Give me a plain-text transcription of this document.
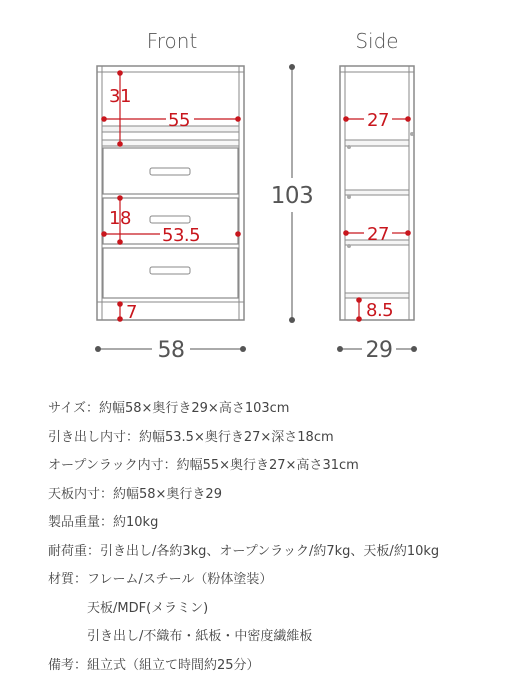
Front
31
55
18
53.5
7
103
58
Side
27
27
8.5
29
サイズ：約幅58×奥行き29×高さ103cm
引き出し内寸：約幅53.5×奥行き27×深さ18cm
オープンラック内寸：約幅55×奥行き27×高さ31cm
天板内寸：約幅58×奥行き29
製品重量：約10kg
耐荷重：引き出し/各約3kg、オープンラック/約7kg、天板/約10kg
材質：フレーム/スチール（粉体塗装）
天板/MDF(メラミン)
引き出し/不織布・紙板・中密度繊維板
備考：組立式（組立て時間約25分）
